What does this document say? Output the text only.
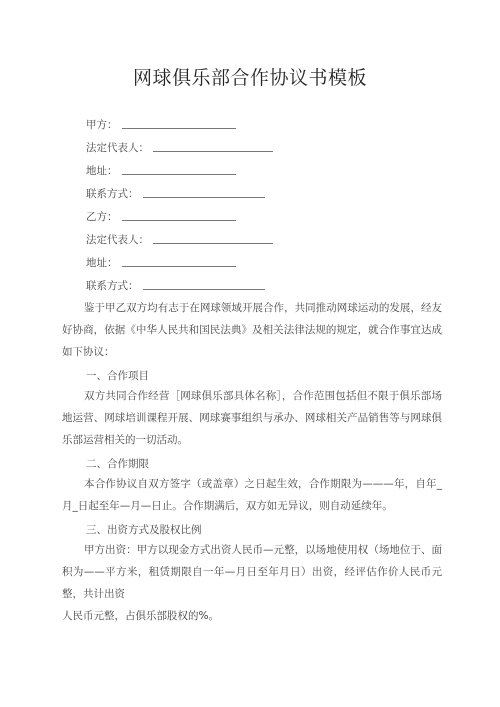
网球俱乐部合作协议书模板
甲方：
法定代表人：
地址：
联系方式：
乙方：
法定代表人：
地址：
联系方式：
鉴于甲乙双方均有志于在网球领域开展合作，共同推动网球运动的发展，经友好协商，依据《中华人民共和国民法典》及相关法律法规的规定，就合作事宜达成如下协议：
一、合作项目
双方共同合作经营［网球俱乐部具体名称］，合作范围包括但不限于俱乐部场地运营、网球培训课程开展、网球赛事组织与承办、网球相关产品销售等与网球俱乐部运营相关的一切活动。
二、合作期限
本合作协议自双方签字（或盖章）之日起生效，合作期限为———年，自年_月_日起至年—月—日止。合作期满后，双方如无异议，则自动延续年。
三、出资方式及股权比例
甲方出资：甲方以现金方式出资人民币—元整，以场地使用权（场地位于、面积为——平方米，租赁期限自一年—月日至年月日）出资，经评估作价人民币元整，共计出资
人民币元整，占俱乐部股权的%。
